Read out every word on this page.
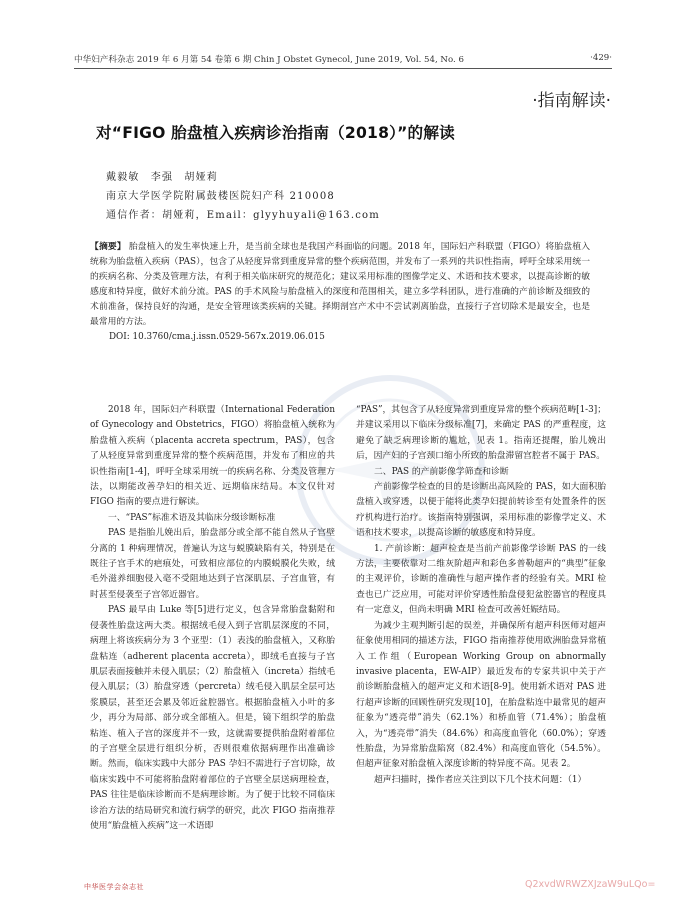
中华妇产科杂志 2019 年 6 月第 54 卷第 6 期 Chin J Obstet Gynecol, June 2019, Vol. 54, No. 6	·429·
·指南解读·
对“FIGO 胎盘植入疾病诊治指南（2018）”的解读
戴毅敏　李强　胡娅莉
南京大学医学院附属鼓楼医院妇产科 210008
通信作者：胡娅莉，Email：glyyhuyali@163.com
【摘要】 胎盘植入的发生率快速上升，是当前全球也是我国产科面临的问题。2018 年，国际妇产科联盟（FIGO）将胎盘植入统称为胎盘植入疾病（PAS），包含了从轻度异常到重度异常的整个疾病范围，并发布了一系列的共识性指南，呼吁全球采用统一的疾病名称、分类及管理方法，有利于相关临床研究的规范化；建议采用标准的图像学定义、术语和技术要求，以提高诊断的敏感度和特异度，做好术前分流。PAS 的手术风险与胎盘植入的深度和范围相关，建立多学科团队，进行准确的产前诊断及细致的术前准备，保持良好的沟通，是安全管理该类疾病的关键。择期剖宫产术中不尝试剥离胎盘，直接行子宫切除术是最安全，也是最常用的方法。
DOI: 10.3760/cma.j.issn.0529-567x.2019.06.015

2018 年，国际妇产科联盟（International Federation of Gynecology and Obstetrics，FIGO）将胎盘植入统称为胎盘植入疾病（placenta accreta spectrum，PAS），包含了从轻度异常到重度异常的整个疾病范围，并发布了相应的共识性指南[1-4]，呼吁全球采用统一的疾病名称、分类及管理方法，以期能改善孕妇的相关近、远期临床结局。本文仅针对 FIGO 指南的要点进行解读。

一、“PAS”标准术语及其临床分级诊断标准

PAS 是指胎儿娩出后，胎盘部分或全部不能自然从子宫壁分离的 1 种病理情况，普遍认为这与蜕膜缺陷有关，特别是在既往子宫手术的疤痕处，可致相应部位的内膜蜕膜化失败，绒毛外滋养细胞侵入毫不受阻地达到子宫深肌层、子宫血管，有时甚至侵袭至子宫邻近器官。

PAS 最早由 Luke 等[5]进行定义，包含异常胎盘黏附和侵袭性胎盘这两大类。根据绒毛侵入到子宫肌层深度的不同，病理上将该疾病分为 3 个亚型：（1）表浅的胎盘植入，又称胎盘粘连（adherent placenta accreta），即绒毛直接与子宫肌层表面接触并未侵入肌层；（2）胎盘植入（increta）指绒毛侵入肌层；（3）胎盘穿透（percreta）绒毛侵入肌层全层可达浆膜层，甚至还会累及邻近盆腔器官。根据胎盘植入小叶的多少，再分为局部、部分或全部植入。但是，镜下组织学的胎盘粘连、植入子宫的深度并不一致，这就需要提供胎盘附着部位的子宫壁全层进行组织分析，否则很难依据病理作出准确诊断。然而，临床实践中大部分 PAS 孕妇不需进行子宫切除，故临床实践中不可能将胎盘附着部位的子宫壁全层送病理检查，PAS 往往是临床诊断而不是病理诊断。为了便于比较不同临床诊治方法的结局研究和流行病学的研究，此次 FIGO 指南推荐使用“胎盘植入疾病”这一术语即

“PAS”，其包含了从轻度异常到重度异常的整个疾病范畴[1-3]；并建议采用以下临床分级标准[7]，来确定 PAS 的严重程度，这避免了缺乏病理诊断的尴尬，见表 1。指南还提醒，胎儿娩出后，因产妇的子宫颈口缩小所致的胎盘滞留宫腔者不属于 PAS。

二、PAS 的产前影像学筛查和诊断

产前影像学检查的目的是诊断出高风险的 PAS，如大面积胎盘植入或穿透，以便于能将此类孕妇提前转诊至有处置条件的医疗机构进行治疗。该指南特别强调，采用标准的影像学定义、术语和技术要求，以提高诊断的敏感度和特异度。

1. 产前诊断：超声检查是当前产前影像学诊断 PAS 的一线方法，主要依靠对二维灰阶超声和彩色多普勒超声的“典型”征象的主观评价，诊断的准确性与超声操作者的经验有关。MRI 检查也已广泛应用，可能对评价穿透性胎盘侵犯盆腔器官的程度具有一定意义，但尚未明确 MRI 检查可改善妊娠结局。

为减少主观判断引起的误差，并确保所有超声科医师对超声征象使用相同的描述方法，FIGO 指南推荐使用欧洲胎盘异常植入工作组（European Working Group on abnormally invasive placenta，EW-AIP）最近发布的专家共识中关于产前诊断胎盘植入的超声定义和术语[8-9]。使用新术语对 PAS 进行超声诊断的回顾性研究发现[10]，在胎盘粘连中最常见的超声征象为“透亮带”消失（62.1%）和桥血管（71.4%）；胎盘植入，为“透亮带”消失（84.6%）和高度血管化（60.0%）；穿透性胎盘，为异常胎盘陷窝（82.4%）和高度血管化（54.5%）。但超声征象对胎盘植入深度诊断的特异度不高。见表 2。

超声扫描时，操作者应关注到以下几个技术问题：（1）

中华医学会杂志社	Q2xvdWRWZXJzaW9uLQo=
